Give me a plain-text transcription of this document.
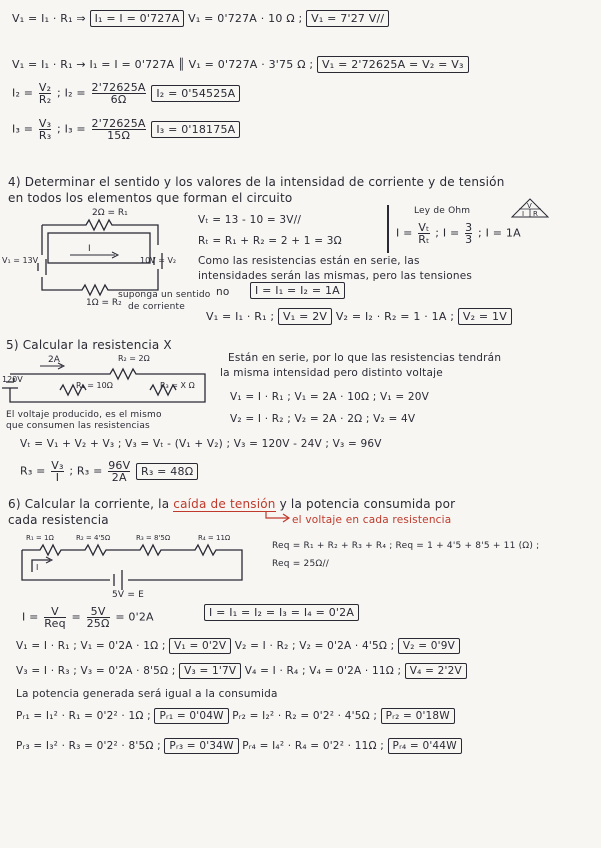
V₁ = I₁ · R₁ ⇒ I₁ = I = 0'727A V₁ = 0'727A · 10 Ω ; V₁ = 7'27 V//
V₁ = I₁ · R₁ → I₁ = I = 0'727A ║ V₁ = 0'727A · 3'75 Ω ; V₁ = 2'72625A = V₂ = V₃
$I_2 = \frac{\text{V₂}}{\text{R₂}}$ ; $I_2 = \frac{2'72625A}{6\Omega} I_2 = 0'54525A$
$I_3 = \frac{\text{V₃}}{\text{R₃}}$ ; $I_3 = \frac{2'72625A}{15\Omega} I_3 = 0'18175A$
4) Determinar el sentido y los valores de la intensidad de corriente y de tensión
en todos los elementos que forman el circuito
2Ω = R₁
1Ω = R₂
V₁ = 13V	10V = V₂
I
suponga un sentido
de corriente
Vₜ = 13 - 10 = 3V//
Rₜ = R₁ + R₂ = 2 + 1 = 3Ω
Ley de Ohm	V
I R
$I = \frac{\text{Vₜ}}{\text{Rₜ}}$ ; $I = \frac{3}{3}$ ; I = 1A
Como las resistencias están en serie, las
intensidades serán las mismas, pero las tensiones
no	I = I₁ = I₂ = 1A
V₁ = I₁ · R₁ ; V₁ = 2V V₂ = I₂ · R₂ = 1 · 1A ; V₂ = 1V
5) Calcular la resistencia X
2A	R₂ = 2Ω
R₁ = 10Ω	R₃ = X Ω
120V
Están en serie, por lo que las resistencias tendrán
la misma intensidad pero distinto voltaje
El voltaje producido, es el mismo
que consumen las resistencias
V₁ = I · R₁ ; V₁ = 2A · 10Ω ; V₁ = 20V
V₂ = I · R₂ ; V₂ = 2A · 2Ω ; V₂ = 4V
Vₜ = V₁ + V₂ + V₃ ; V₃ = Vₜ - (V₁ + V₂) ; V₃ = 120V - 24V ; V₃ = 96V
$R_3 = \frac{\text{V₃}}{I}$ ; $R_3 = \frac{96V}{2A} R_3 = 48\Omega$
6) Calcular la corriente, la caída de tensión y la potencia consumida por
cada resistencia	el voltaje en cada resistencia
R₁ = 1Ω	R₂ = 4'5Ω	R₃ = 8'5Ω	R₄ = 11Ω
I
5V = E
Req = R₁ + R₂ + R₃ + R₄ ; Req = 1 + 4'5 + 8'5 + 11 (Ω) ;
Req = 25Ω//
I =	V
Req = $\frac{5V}{25\Omega} = 0'2A$	I = I₁ = I₂ = I₃ = I₄ = 0'2A
V₁ = I · R₁ ; V₁ = 0'2A · 1Ω ; V₁ = 0'2V V₂ = I · R₂ ; V₂ = 0'2A · 4'5Ω ; V₂ = 0'9V
V₃ = I · R₃ ; V₃ = 0'2A · 8'5Ω ; V₃ = 1'7V V₄ = I · R₄ ; V₄ = 0'2A · 11Ω ; V₄ = 2'2V
La potencia generada será igual a la consumida
Pᵣ₁ = I₁² · R₁ = 0'2² · 1Ω ; Pᵣ₁ = 0'04W Pᵣ₂ = I₂² · R₂ = 0'2² · 4'5Ω ; Pᵣ₂ = 0'18W
Pᵣ₃ = I₃² · R₃ = 0'2² · 8'5Ω ; Pᵣ₃ = 0'34W Pᵣ₄ = I₄² · R₄ = 0'2² · 11Ω ; Pᵣ₄ = 0'44W
